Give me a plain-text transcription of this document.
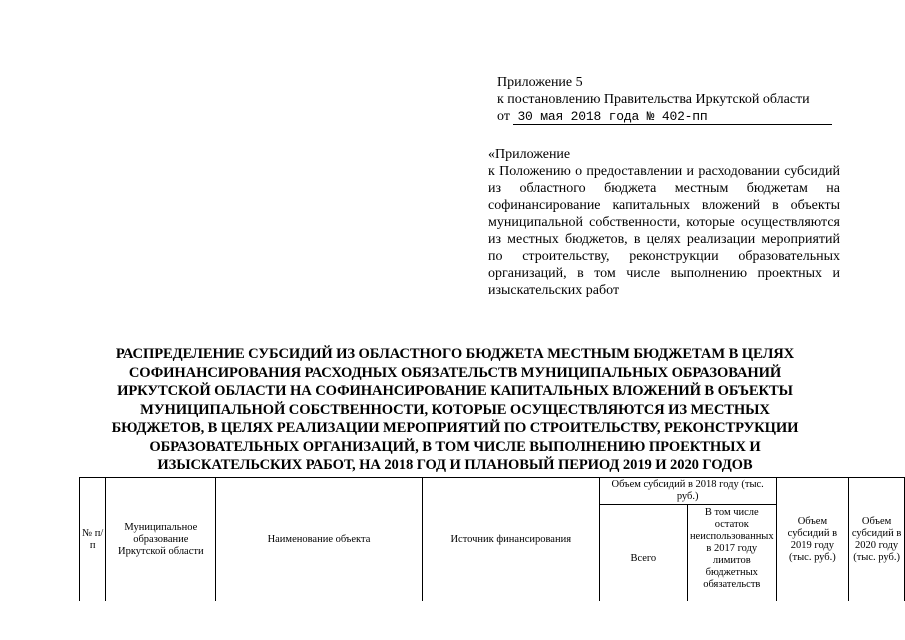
Приложение 5
к постановлению Правительства Иркутской области
от 30 мая 2018 года № 402-пп
«Приложение
к Положению о предоставлении и расходовании субсидий из областного бюджета местным бюджетам на софинансирование капитальных вложений в объекты муниципальной собственности, которые осуществляются из местных бюджетов, в целях реализации мероприятий по строительству, реконструкции образовательных организаций, в том числе выполнению проектных и изыскательских работ
РАСПРЕДЕЛЕНИЕ СУБСИДИЙ ИЗ ОБЛАСТНОГО БЮДЖЕТА МЕСТНЫМ БЮДЖЕТАМ В ЦЕЛЯХ СОФИНАНСИРОВАНИЯ РАСХОДНЫХ ОБЯЗАТЕЛЬСТВ МУНИЦИПАЛЬНЫХ ОБРАЗОВАНИЙ ИРКУТСКОЙ ОБЛАСТИ НА СОФИНАНСИРОВАНИЕ КАПИТАЛЬНЫХ ВЛОЖЕНИЙ В ОБЪЕКТЫ МУНИЦИПАЛЬНОЙ СОБСТВЕННОСТИ, КОТОРЫЕ ОСУЩЕСТВЛЯЮТСЯ ИЗ МЕСТНЫХ БЮДЖЕТОВ, В ЦЕЛЯХ РЕАЛИЗАЦИИ МЕРОПРИЯТИЙ ПО СТРОИТЕЛЬСТВУ, РЕКОНСТРУКЦИИ ОБРАЗОВАТЕЛЬНЫХ ОРГАНИЗАЦИЙ, В ТОМ ЧИСЛЕ ВЫПОЛНЕНИЮ ПРОЕКТНЫХ И ИЗЫСКАТЕЛЬСКИХ РАБОТ, НА 2018 ГОД И ПЛАНОВЫЙ ПЕРИОД 2019 И 2020 ГОДОВ
№ п/п	Муниципальное образование Иркутской области	Наименование объекта	Источник финансирования	Объем субсидий в 2018 году (тыс. руб.)		Объем субсидий в 2019 году (тыс. руб.)	Объем субсидий в 2020 году (тыс. руб.)
				Всего	В том числе остаток неиспользованных в 2017 году лимитов бюджетных обязательств		
